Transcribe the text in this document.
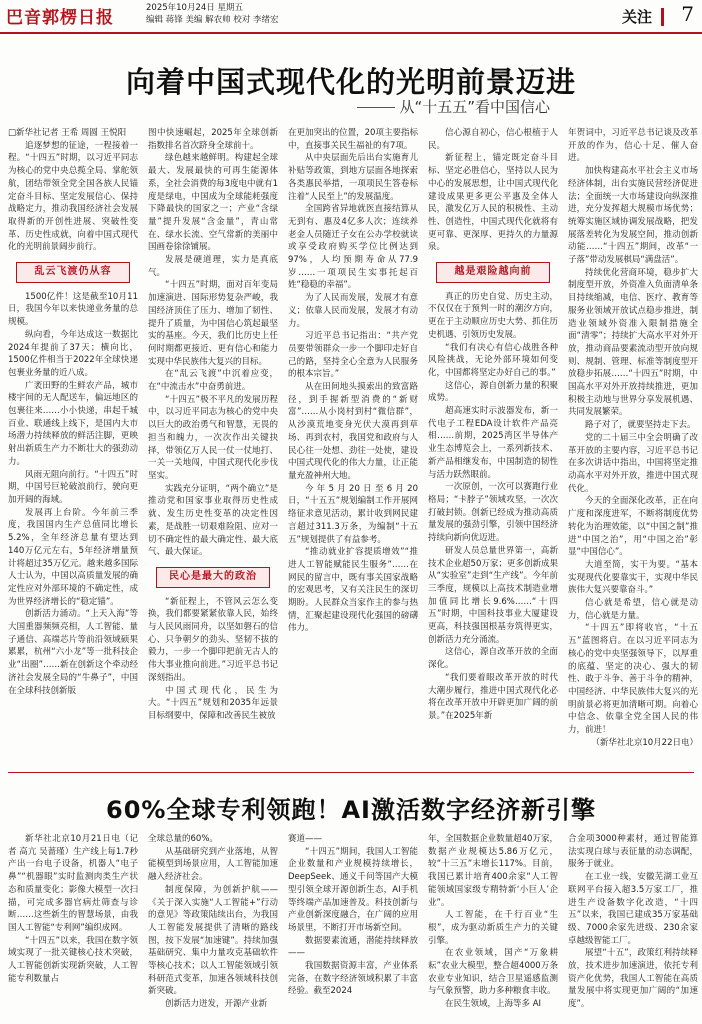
巴音郭楞日报	2025年10月24日 星期五
编辑 蒋锋 美编 解农帅 校对 李绪宏	关注 7
向着中国式现代化的光明前景迈进
从“十五五”看中国信心
□新华社记者 王希 周圆 王悦阳

追逐梦想的征途，一程接着一程。“十四五”时期，以习近平同志为核心的党中央总揽全局、掌舵领航，团结带领全党全国各族人民锚定奋斗目标、坚定发展信心、保持战略定力，推动我国经济社会发展取得新的开创性进展、突破性变革、历史性成就，向着中国式现代化的光明前景阔步前行。

乱云飞渡仍从容

1500亿件！这是截至10月11日，我国今年以来快递业务量的总规模。

纵向看，今年达成这一数据比2024年提前了37天；横向比，1500亿件相当于2022年全球快递包裹业务量的近八成。

广袤田野的生鲜农产品，城市楼宇间的无人配送车，偏远地区的包裹往来……小小快递，串起千城百业、联通线上线下，是国内大市场潜力持续释放的鲜活注脚，更映射出新质生产力不断壮大的强劲动力。

风雨无阻向前行。“十四五”时期，中国号巨轮破浪前行，驶向更加开阔的海域。

发展再上台阶。今年前三季度，我国国内生产总值同比增长5.2%，全年经济总量有望达到140万亿元左右，5年经济增量预计将超过35万亿元。越来越多国际人士认为，中国以高质量发展的确定性应对外部环境的不确定性，成为世界经济增长的“稳定锚”。

创新活力涌动。“上天入海”等大国重器频频亮相，人工智能、量子通信、高端芯片等前沿领域硕果累累，杭州“六小龙”等一批科技企业“出圈”……新在创新这个牵动经济社会发展全局的“牛鼻子”，中国在全球科技创新版

图中快速崛起，2025年全球创新指数排名首次跻身全球前十。

绿色越来越鲜明。构建起全球最大、发展最快的可再生能源体系，全社会消费的每3度电中就有1度是绿电，中国成为全球能耗强度下降最快的国家之一；产业“含绿量”提升发展“含金量”，青山常在、绿水长流、空气常新的美丽中国画卷徐徐铺展。

发展是硬道理，实力是真底气。

“十四五”时期，面对百年变局加速演进、国际形势复杂严峻，我国经济顶住了压力、增加了韧性、提升了质量，为中国信心筑起最坚实的基座。今天，我们比历史上任何时期都更接近、更有信心和能力实现中华民族伟大复兴的目标。

在“乱云飞渡”中沉着应变，在“中流击水”中奋勇前进。

“十四五”极不平凡的发展历程中，以习近平同志为核心的党中央以巨大的政治勇气和智慧，无畏的担当和魄力，一次次作出关键抉择，带领亿万人民一仗一仗地打、一关一关地闯，中国式现代化步伐坚实。

实践充分证明，“两个确立”是推动党和国家事业取得历史性成就、发生历史性变革的决定性因素，是战胜一切艰难险阻、应对一切不确定性的最大确定性、最大底气、最大保证。

民心是最大的政治

“新征程上，不管风云怎么变换，我们都要紧紧依靠人民，始终与人民风雨同舟，以坚如磐石的信心、只争朝夕的劲头、坚韧不拔的毅力，一步一个脚印把前无古人的伟大事业推向前进。”习近平总书记深刻指出。

中国式现代化，民生为大。“十四五”规划和2035年远景目标纲要中，保障和改善民生被放

在更加突出的位置，20项主要指标中，直接事关民生福祉的有7项。

从中央层面先后出台实施育儿补贴等政策，到地方层面各地探索各类惠民举措，一项项民生答卷标注着“人民至上”的发展温度。

全国跨省异地就医直接结算从无到有、惠及4亿多人次；连续养老金人员随迁子女在公办学校就读或享受政府购买学位比例达到97%，人均预期寿命从77.9岁……一项项民生实事托起百姓“稳稳的幸福”。

为了人民而发展，发展才有意义；依靠人民而发展，发展才有动力。

习近平总书记指出：“共产党员要带领群众一步一个脚印走好自己的路，坚持全心全意为人民服务的根本宗旨。”

从在田间地头摸索出的致富路径，到手握新型消费的“新财富”……从小岗村到村“微信群”，从沙漠荒地变身光伏大漠再到草场、再到农村，我国党和政府与人民心往一处想、劲往一处使，建设中国式现代化的伟大力量，让正能量充盈神州大地。

今年5月20日至6月20日，“十五五”规划编制工作开展网络征求意见活动，累计收到网民建言超过311.3万条，为编制“十五五”规划提供了有益参考。

“推动就业扩容提质增效”“推进人工智能赋能民生服务”……在网民的留言中，既有事关国家战略的宏观思考，又有关注民生的深切期盼。人民群众当家作主的参与热情，汇聚起建设现代化强国的磅礴伟力。

信心源自初心，信心根植于人民。

新征程上，锚定既定奋斗目标、坚定必胜信心，坚持以人民为中心的发展思想，让中国式现代化建设成果更多更公平惠及全体人民，激发亿万人民的积极性、主动性、创造性，中国式现代化就将有更可靠、更深厚、更持久的力量源泉。

越是艰险越向前

真正的历史自觉、历史主动，不仅仅在于预判一时的潮汐方向，更在于主动顺应历史大势、抓住历史机遇、引领历史发展。

“我们有决心有信心战胜各种风险挑战，无论外部环境如何变化，中国都将坚定办好自己的事。”

这信心，源自创新力量的积聚成势。

超高速实时示波器发布，新一代电子工程EDA设计软件产品亮相……前期，2025湾区半导体产业生态博览会上，一系列新技术、新产品相继发布，中国制造的韧性与活力跃然眼前。

一次原创，一次可以赛跑行业格局；“卡脖子”领域攻坚，一次次打破封锁。创新已经成为推动高质量发展的强劲引擎，引领中国经济持续向新向优迈进。

研发人员总量世界第一，高新技术企业超50万家；更多创新成果从“实验室”走到“生产线”。今年前三季度，规模以上高技术制造业增加值同比增长9.6%……“十四五”时期，中国科技事业大厦建设更高，科技强国根基夯筑得更实，创新活力充分涌流。

这信心，源自改革开放的全面深化。

“我们要着眼改革开放的时代大潮步履行，推进中国式现代化必将在改革开放中开辟更加广阔的前景。”在2025年新

年贺词中，习近平总书记谈及改革开放的作为，信心十足、催人奋进。

加快构建高水平社会主义市场经济体制，出台实施民营经济促进法；全面统一大市场建设向纵深推进，充分发挥超大规模市场优势；统筹实施区域协调发展战略，把发展落差转化为发展空间，推动创新动能……“十四五”期间，改革“一子落”带动发展棋局“满盘活”。

持续优化营商环境，稳步扩大制度型开放，外资准入负面清单条目持续缩减，电信、医疗、教育等服务业领域开放试点稳步推进，制造业领域外资准入限制措施全面“清零”；持续扩大高水平对外开放，推动商品要素流动型开放向规则、规制、管理、标准等制度型开放稳步拓展……“十四五”时期，中国高水平对外开放持续推进，更加积极主动地与世界分享发展机遇、共同发展繁荣。

路子对了，就要坚持走下去。

党的二十届三中全会明确了改革开放的主要内容，习近平总书记在多次讲话中指出，中国将坚定推动高水平对外开放，推进中国式现代化。

今天的全面深化改革，正在向广度和深度进军，不断将制度优势转化为治理效能，以“中国之制”推进“中国之治”，用“中国之治”彰显“中国信心”。

大道至简，实干为要。“基本实现现代化要靠实干，实现中华民族伟大复兴要靠奋斗。”

信心就是希望，信心就是动力，信心就是力量。

“十四五”即将收官，“十五五”蓝图将启。在以习近平同志为核心的党中央坚强领导下，以厚重的底蕴、坚定的决心、强大的韧性、敢于斗争、善于斗争的精神，中国经济、中华民族伟大复兴的光明前景必将更加清晰可期。向着心中信念、依靠全党全国人民的伟力，前进！

（新华社北京10月22日电）

60%全球专利领跑！AI激活数字经济新引擎

新华社北京10月21日电（记者 高亢 吴蔷瑾）生产线上每1.7秒产出一台电子设备，机器人“电子鼻”“机器眼”实时监测肉类生产状态和质量变化；影像大模型一次扫描，可完成多器官病灶筛查与诊断……这些新生的智慧场景，由我国人工智能“专利网”编织成网。

“十四五”以来，我国在数字领域实现了一批关键核心技术突破，人工智能创新实现新突破，人工智能专利数量占

全球总量的60%。

从基础研究到产业落地，从智能模型到场景应用，人工智能加速融入经济社会。

制度保障，为创新护航——《关于深入实施“人工智能+”行动的意见》等政策陆续出台，为我国人工智能发展提供了清晰的路线图，按下发展“加速键”。持续加强基础研究、集中力量攻克基础软件等核心技术；以人工智能领域引领科研范式变革，加速各领域科技创新突破。

创新活力迸发，开源产业新

赛道——

“十四五”期间，我国人工智能企业数量和产业规模持续增长，DeepSeek、通义千问等国产大模型引领全球开源创新生态，AI手机等终端产品加速普及。科技创新与产业创新深度融合，在广阔的应用场景里，不断打开市场新空间。

数据要素流通，潜能持续释放——

我国数据资源丰富，产业体系完备，在数字经济领域积累了丰富经验。截至2024

年，全国数据企业数量超40万家，数据产业规模达5.86万亿元，较“十三五”末增长117%。目前，我国已累计培育400余家“人工智能领域国家级专精特新‘小巨人’企业”。

人工智能，在千行百业“生根”，成为驱动新质生产力的关键引擎。

在农业领域，国产“万象耕耘”农业大模型，整合超4000万条农业专业知识，结合卫星遥感监测与气象预警，助力多种粮食丰收。

在民生领域，上海等多 AI

合金项3000种素材，通过智能算法实现白球与表征量的动态调配，服务于就业。

在工业一线，安徽芜湖工业互联网平台接入超3.5万家工厂，推进生产设备数字化改造，“十四五”以来，我国已建成35万家基础级、7000余家先进级、230余家卓越级智能工厂。

展望“十五”，政策红利持续释放，技术进步加速演进，依托专利资产化优势，我国人工智能在高质量发展中将实现更加广阔的“加速度”。
